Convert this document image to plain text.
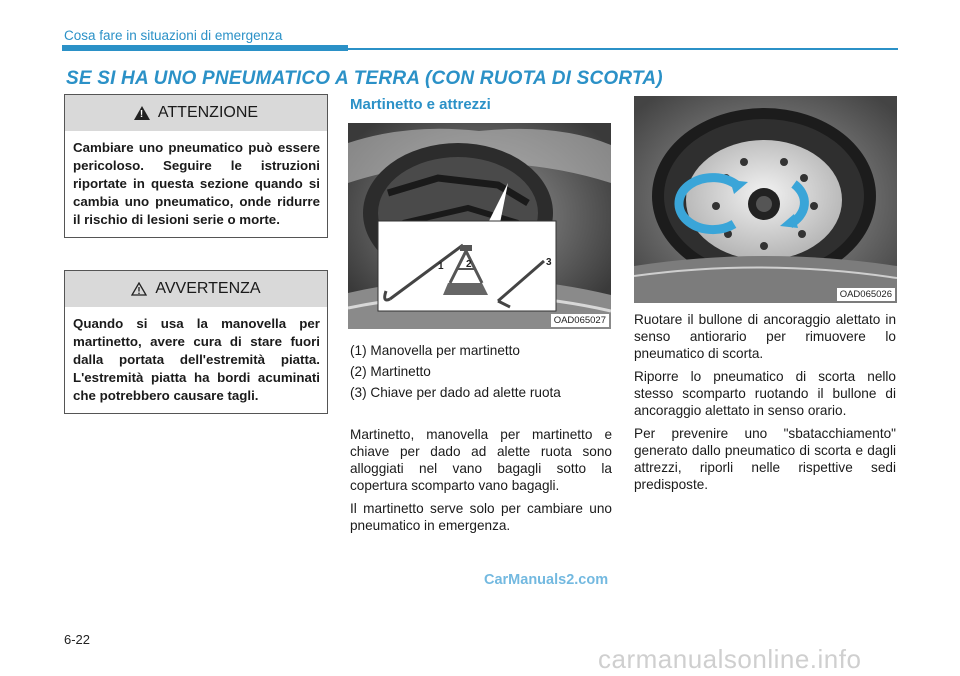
Cosa fare in situazioni di emergenza
SE SI HA UNO PNEUMATICO A TERRA (CON RUOTA DI SCORTA)
!
ATTENZIONE
Cambiare uno pneumatico può essere pericoloso. Seguire le istruzioni riportate in questa sezione quando si cambia uno pneumatico, onde ridurre il rischio di lesioni serie o morte.
AVVERTENZA
Quando si usa la manovella per martinetto, avere cura di stare fuori dalla portata dell'estremità piatta. L'estremità piatta ha bordi acuminati che potrebbero causare tagli.
Martinetto e attrezzi
1 2	3
OAD065027
(1) Manovella per martinetto
(2) Martinetto
(3) Chiave per dado ad alette ruota

Martinetto, manovella per martinetto e chiave per dado ad alette ruota sono alloggiati nel vano bagagli sotto la copertura scomparto vano bagagli.

Il martinetto serve solo per cambiare uno pneumatico in emergenza.

OAD065026

Ruotare il bullone di ancoraggio alettato in senso antiorario per rimuovere lo pneumatico di scorta.

Riporre lo pneumatico di scorta nello stesso scomparto ruotando il bullone di ancoraggio alettato in senso orario.

Per prevenire uno "sbatacchiamento" generato dallo pneumatico di scorta e dagli attrezzi, riporli nelle rispettive sedi predisposte.

CarManuals2.com
6-22
carmanualsonline.info
